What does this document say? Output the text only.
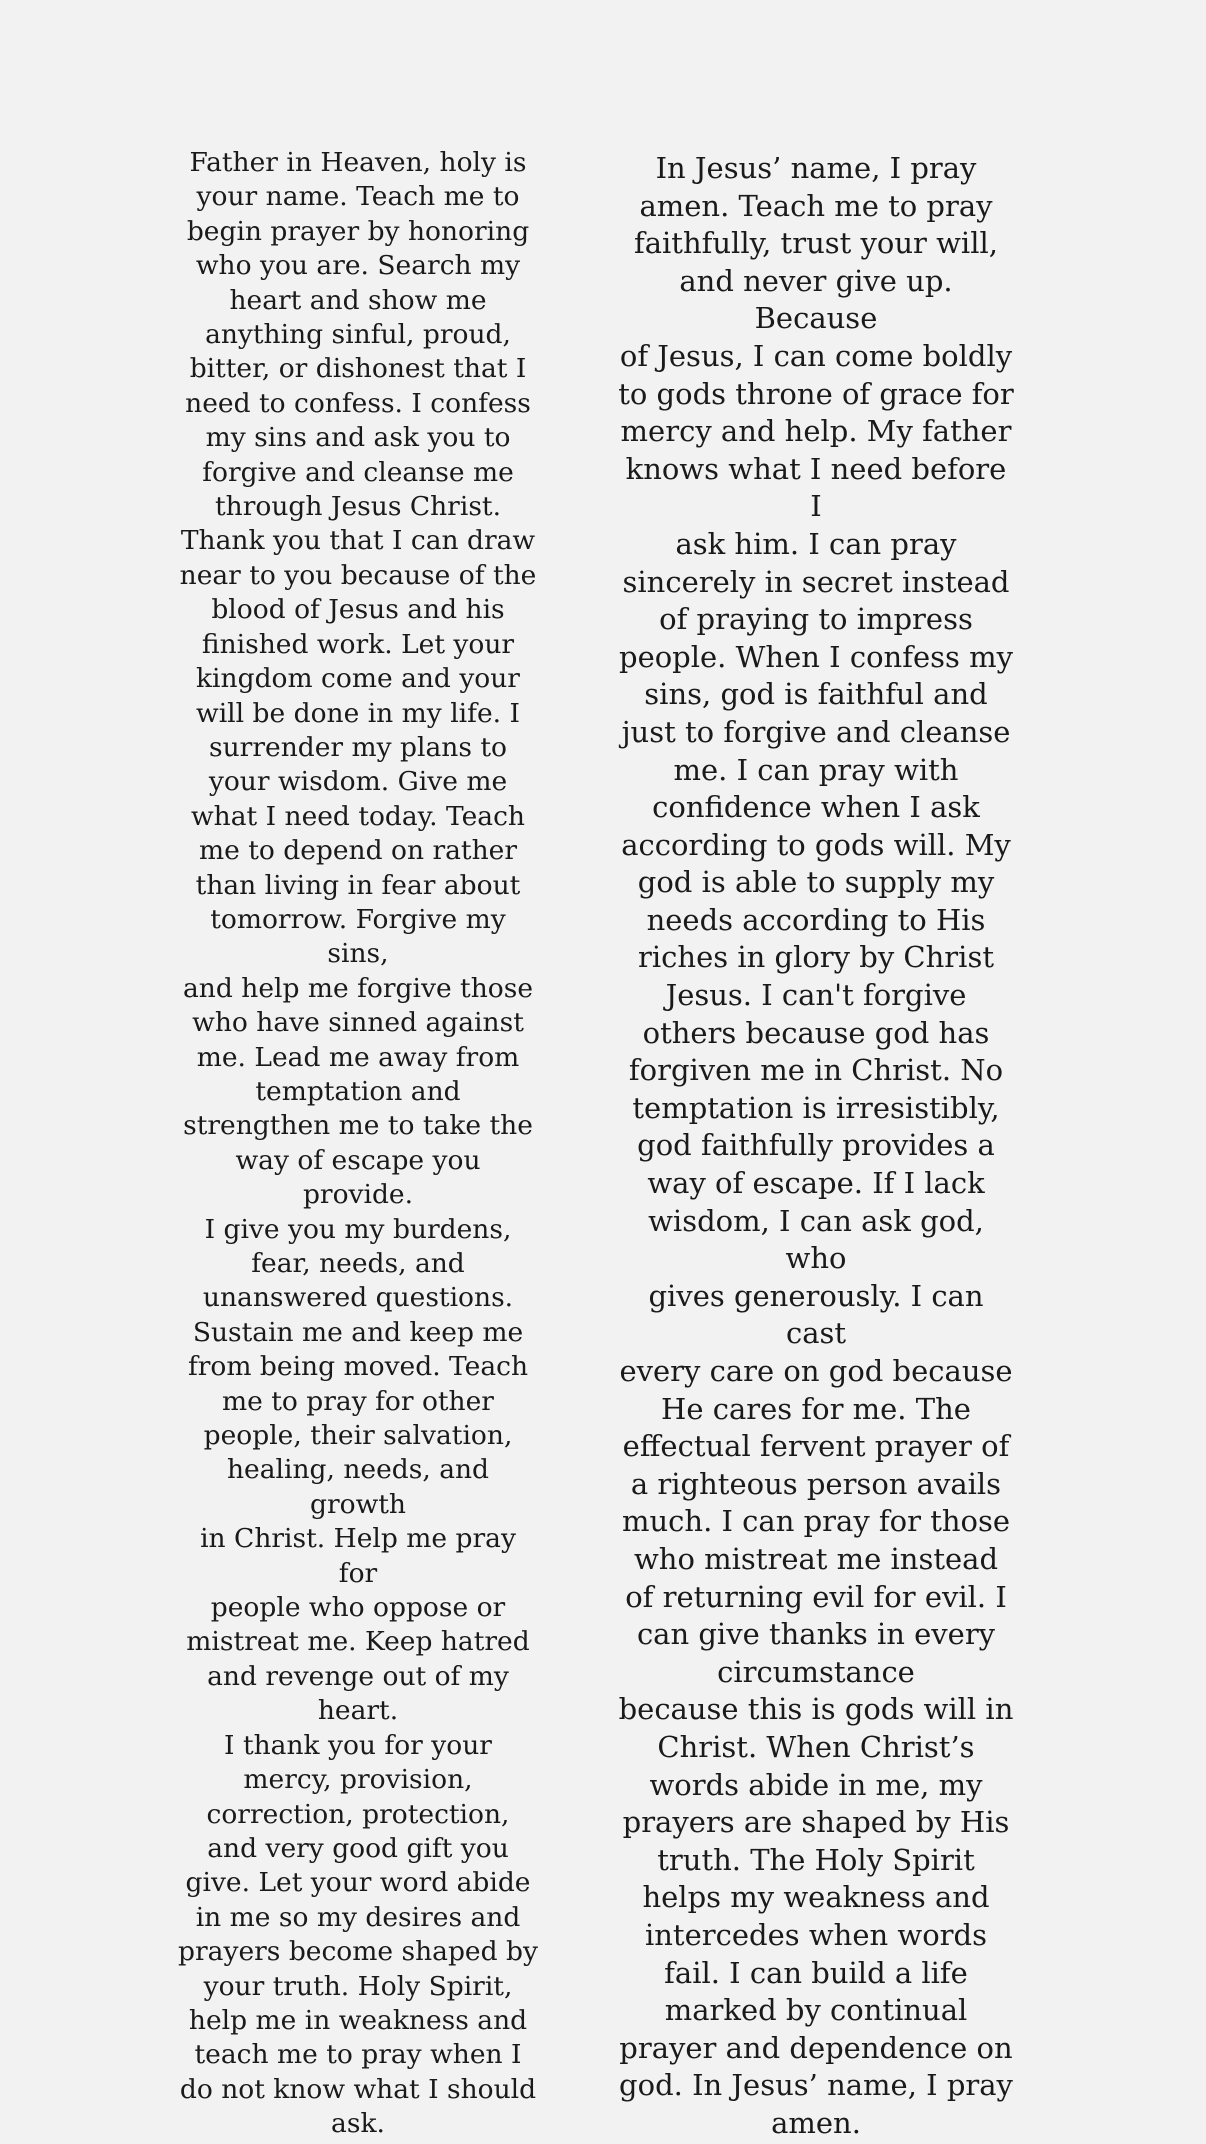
Father in Heaven, holy is
your name. Teach me to
begin prayer by honoring
who you are. Search my
heart and show me
anything sinful, proud,
bitter, or dishonest that I
need to confess. I confess
my sins and ask you to
forgive and cleanse me
through Jesus Christ.
Thank you that I can draw
near to you because of the
blood of Jesus and his
finished work. Let your
kingdom come and your
will be done in my life. I
surrender my plans to
your wisdom. Give me
what I need today. Teach
me to depend on rather
than living in fear about
tomorrow. Forgive my sins,
and help me forgive those
who have sinned against
me. Lead me away from
temptation and
strengthen me to take the
way of escape you provide.
I give you my burdens,
fear, needs, and
unanswered questions.
Sustain me and keep me
from being moved. Teach
me to pray for other
people, their salvation,
healing, needs, and growth
in Christ. Help me pray for
people who oppose or
mistreat me. Keep hatred
and revenge out of my
heart.
I thank you for your
mercy, provision,
correction, protection,
and very good gift you
give. Let your word abide
in me so my desires and
prayers become shaped by
your truth. Holy Spirit,
help me in weakness and
teach me to pray when I
do not know what I should
ask.

In Jesus’ name, I pray
amen. Teach me to pray
faithfully, trust your will,
and never give up. Because
of Jesus, I can come boldly
to gods throne of grace for
mercy and help. My father
knows what I need before I
ask him. I can pray
sincerely in secret instead
of praying to impress
people. When I confess my
sins, god is faithful and
just to forgive and cleanse
me. I can pray with
confidence when I ask
according to gods will. My
god is able to supply my
needs according to His
riches in glory by Christ
Jesus. I can't forgive
others because god has
forgiven me in Christ. No
temptation is irresistibly,
god faithfully provides a
way of escape. If I lack
wisdom, I can ask god, who
gives generously. I can cast
every care on god because
He cares for me. The
effectual fervent prayer of
a righteous person avails
much. I can pray for those
who mistreat me instead
of returning evil for evil. I
can give thanks in every
circumstance
because this is gods will in
Christ. When Christ’s
words abide in me, my
prayers are shaped by His
truth. The Holy Spirit
helps my weakness and
intercedes when words
fail. I can build a life
marked by continual
prayer and dependence on
god. In Jesus’ name, I pray
amen.
